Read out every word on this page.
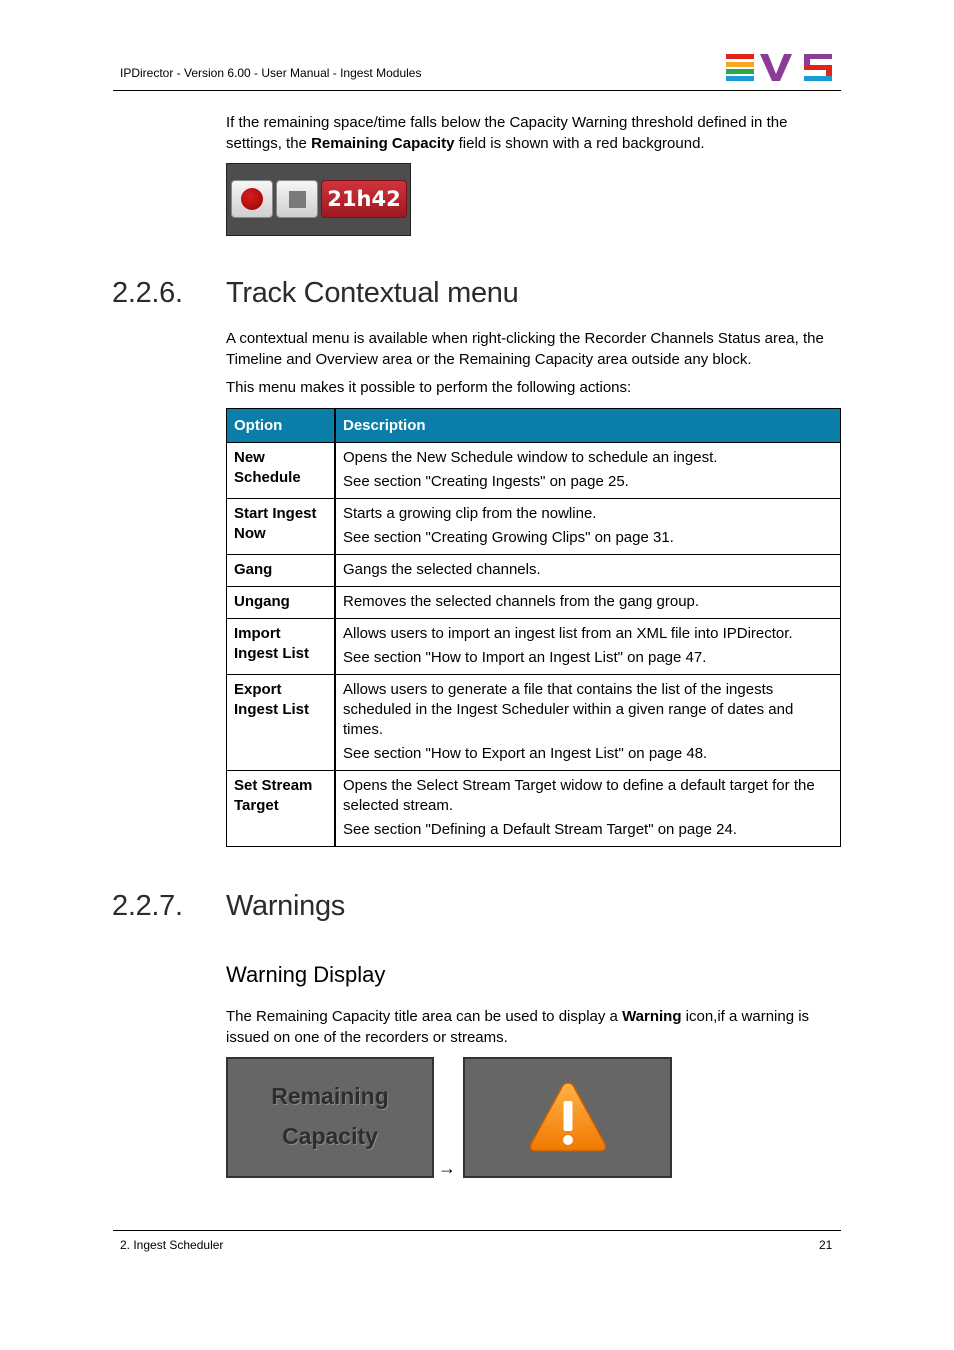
IPDirector - Version 6.00 - User Manual - Ingest Modules
If the remaining space/time falls below the Capacity Warning threshold defined in the settings, the Remaining Capacity field is shown with a red background.
21h42
2.2.6. Track Contextual menu
A contextual menu is available when right-clicking the Recorder Channels Status area, the Timeline and Overview area or the Remaining Capacity area outside any block.
This menu makes it possible to perform the following actions:
Option	Description
New Schedule	Opens the New Schedule window to schedule an ingest.
See section "Creating Ingests" on page 25.

Start Ingest Now	Starts a growing clip from the nowline.
See section "Creating Growing Clips" on page 31.

Gang	Gangs the selected channels.

Ungang	Removes the selected channels from the gang group.

Import Ingest List	Allows users to import an ingest list from an XML file into IPDirector.
See section "How to Import an Ingest List" on page 47.

Export Ingest List	Allows users to generate a file that contains the list of the ingests scheduled in the Ingest Scheduler within a given range of dates and times.
See section "How to Export an Ingest List" on page 48.

Set Stream Target	Opens the Select Stream Target widow to define a default target for the selected stream.
See section "Defining a Default Stream Target" on page 24.
2.2.7. Warnings
Warning Display
The Remaining Capacity title area can be used to display a Warning icon,if a warning is issued on one of the recorders or streams.
Remaining
Capacity
→
2. Ingest Scheduler	21
